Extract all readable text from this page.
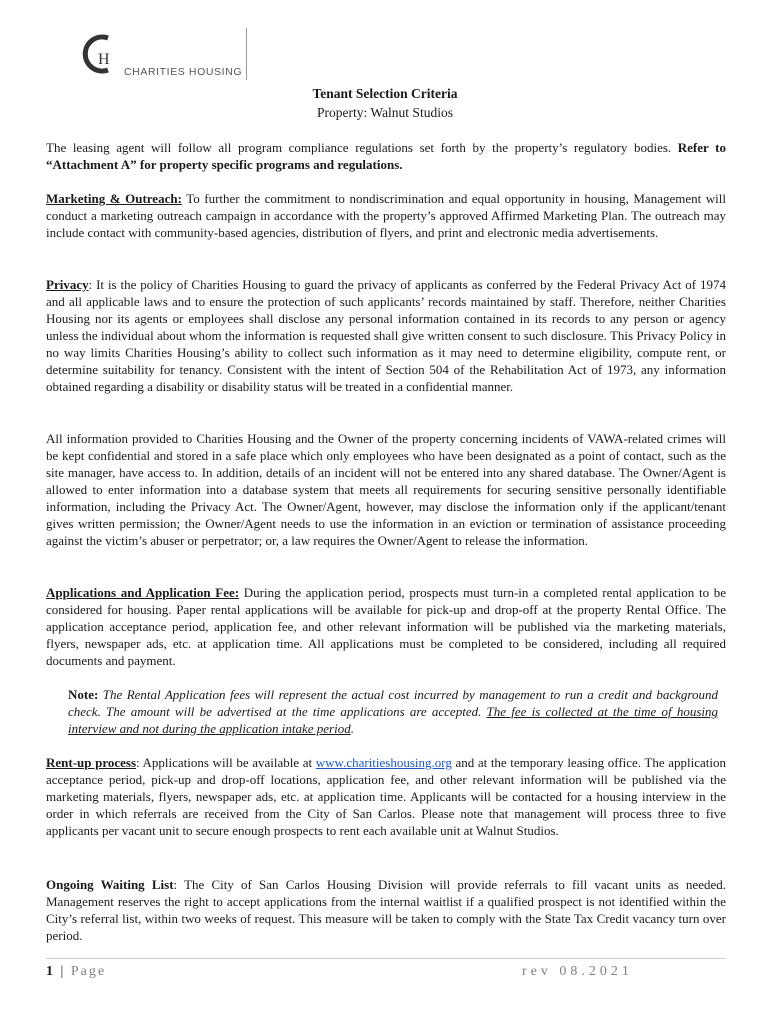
H
CHARITIES HOUSING
Tenant Selection Criteria
Property: Walnut Studios

The leasing agent will follow all program compliance regulations set forth by the property’s regulatory bodies. Refer to “Attachment A” for property specific programs and regulations.

Marketing & Outreach: To further the commitment to nondiscrimination and equal opportunity in housing, Management will conduct a marketing outreach campaign in accordance with the property’s approved Affirmed Marketing Plan. The outreach may include contact with community-based agencies, distribution of flyers, and print and electronic media advertisements.

Privacy: It is the policy of Charities Housing to guard the privacy of applicants as conferred by the Federal Privacy Act of 1974 and all applicable laws and to ensure the protection of such applicants’ records maintained by staff. Therefore, neither Charities Housing nor its agents or employees shall disclose any personal information contained in its records to any person or agency unless the individual about whom the information is requested shall give written consent to such disclosure. This Privacy Policy in no way limits Charities Housing’s ability to collect such information as it may need to determine eligibility, compute rent, or determine suitability for tenancy. Consistent with the intent of Section 504 of the Rehabilitation Act of 1973, any information obtained regarding a disability or disability status will be treated in a confidential manner.

All information provided to Charities Housing and the Owner of the property concerning incidents of VAWA-related crimes will be kept confidential and stored in a safe place which only employees who have been designated as a point of contact, such as the site manager, have access to. In addition, details of an incident will not be entered into any shared database. The Owner/Agent is allowed to enter information into a database system that meets all requirements for securing sensitive personally identifiable information, including the Privacy Act. The Owner/Agent, however, may disclose the information only if the applicant/tenant gives written permission; the Owner/Agent needs to use the information in an eviction or termination of assistance proceeding against the victim’s abuser or perpetrator; or, a law requires the Owner/Agent to release the information.

Applications and Application Fee: During the application period, prospects must turn-in a completed rental application to be considered for housing. Paper rental applications will be available for pick-up and drop-off at the property Rental Office. The application acceptance period, application fee, and other relevant information will be published via the marketing materials, flyers, newspaper ads, etc. at application time. All applications must be completed to be considered, including all required documents and payment.

Note: The Rental Application fees will represent the actual cost incurred by management to run a credit and background check. The amount will be advertised at the time applications are accepted. The fee is collected at the time of housing interview and not during the application intake period.

Rent-up process: Applications will be available at www.charitieshousing.org and at the temporary leasing office. The application acceptance period, pick-up and drop-off locations, application fee, and other relevant information will be published via the marketing materials, flyers, newspaper ads, etc. at application time. Applicants will be contacted for a housing interview in the order in which referrals are received from the City of San Carlos. Please note that management will process three to five applicants per vacant unit to secure enough prospects to rent each available unit at Walnut Studios.

Ongoing Waiting List: The City of San Carlos Housing Division will provide referrals to fill vacant units as needed. Management reserves the right to accept applications from the internal waitlist if a qualified prospect is not identified within the City’s referral list, within two weeks of request. This measure will be taken to comply with the State Tax Credit vacancy turn over period.

1 | Page	rev 08.2021
